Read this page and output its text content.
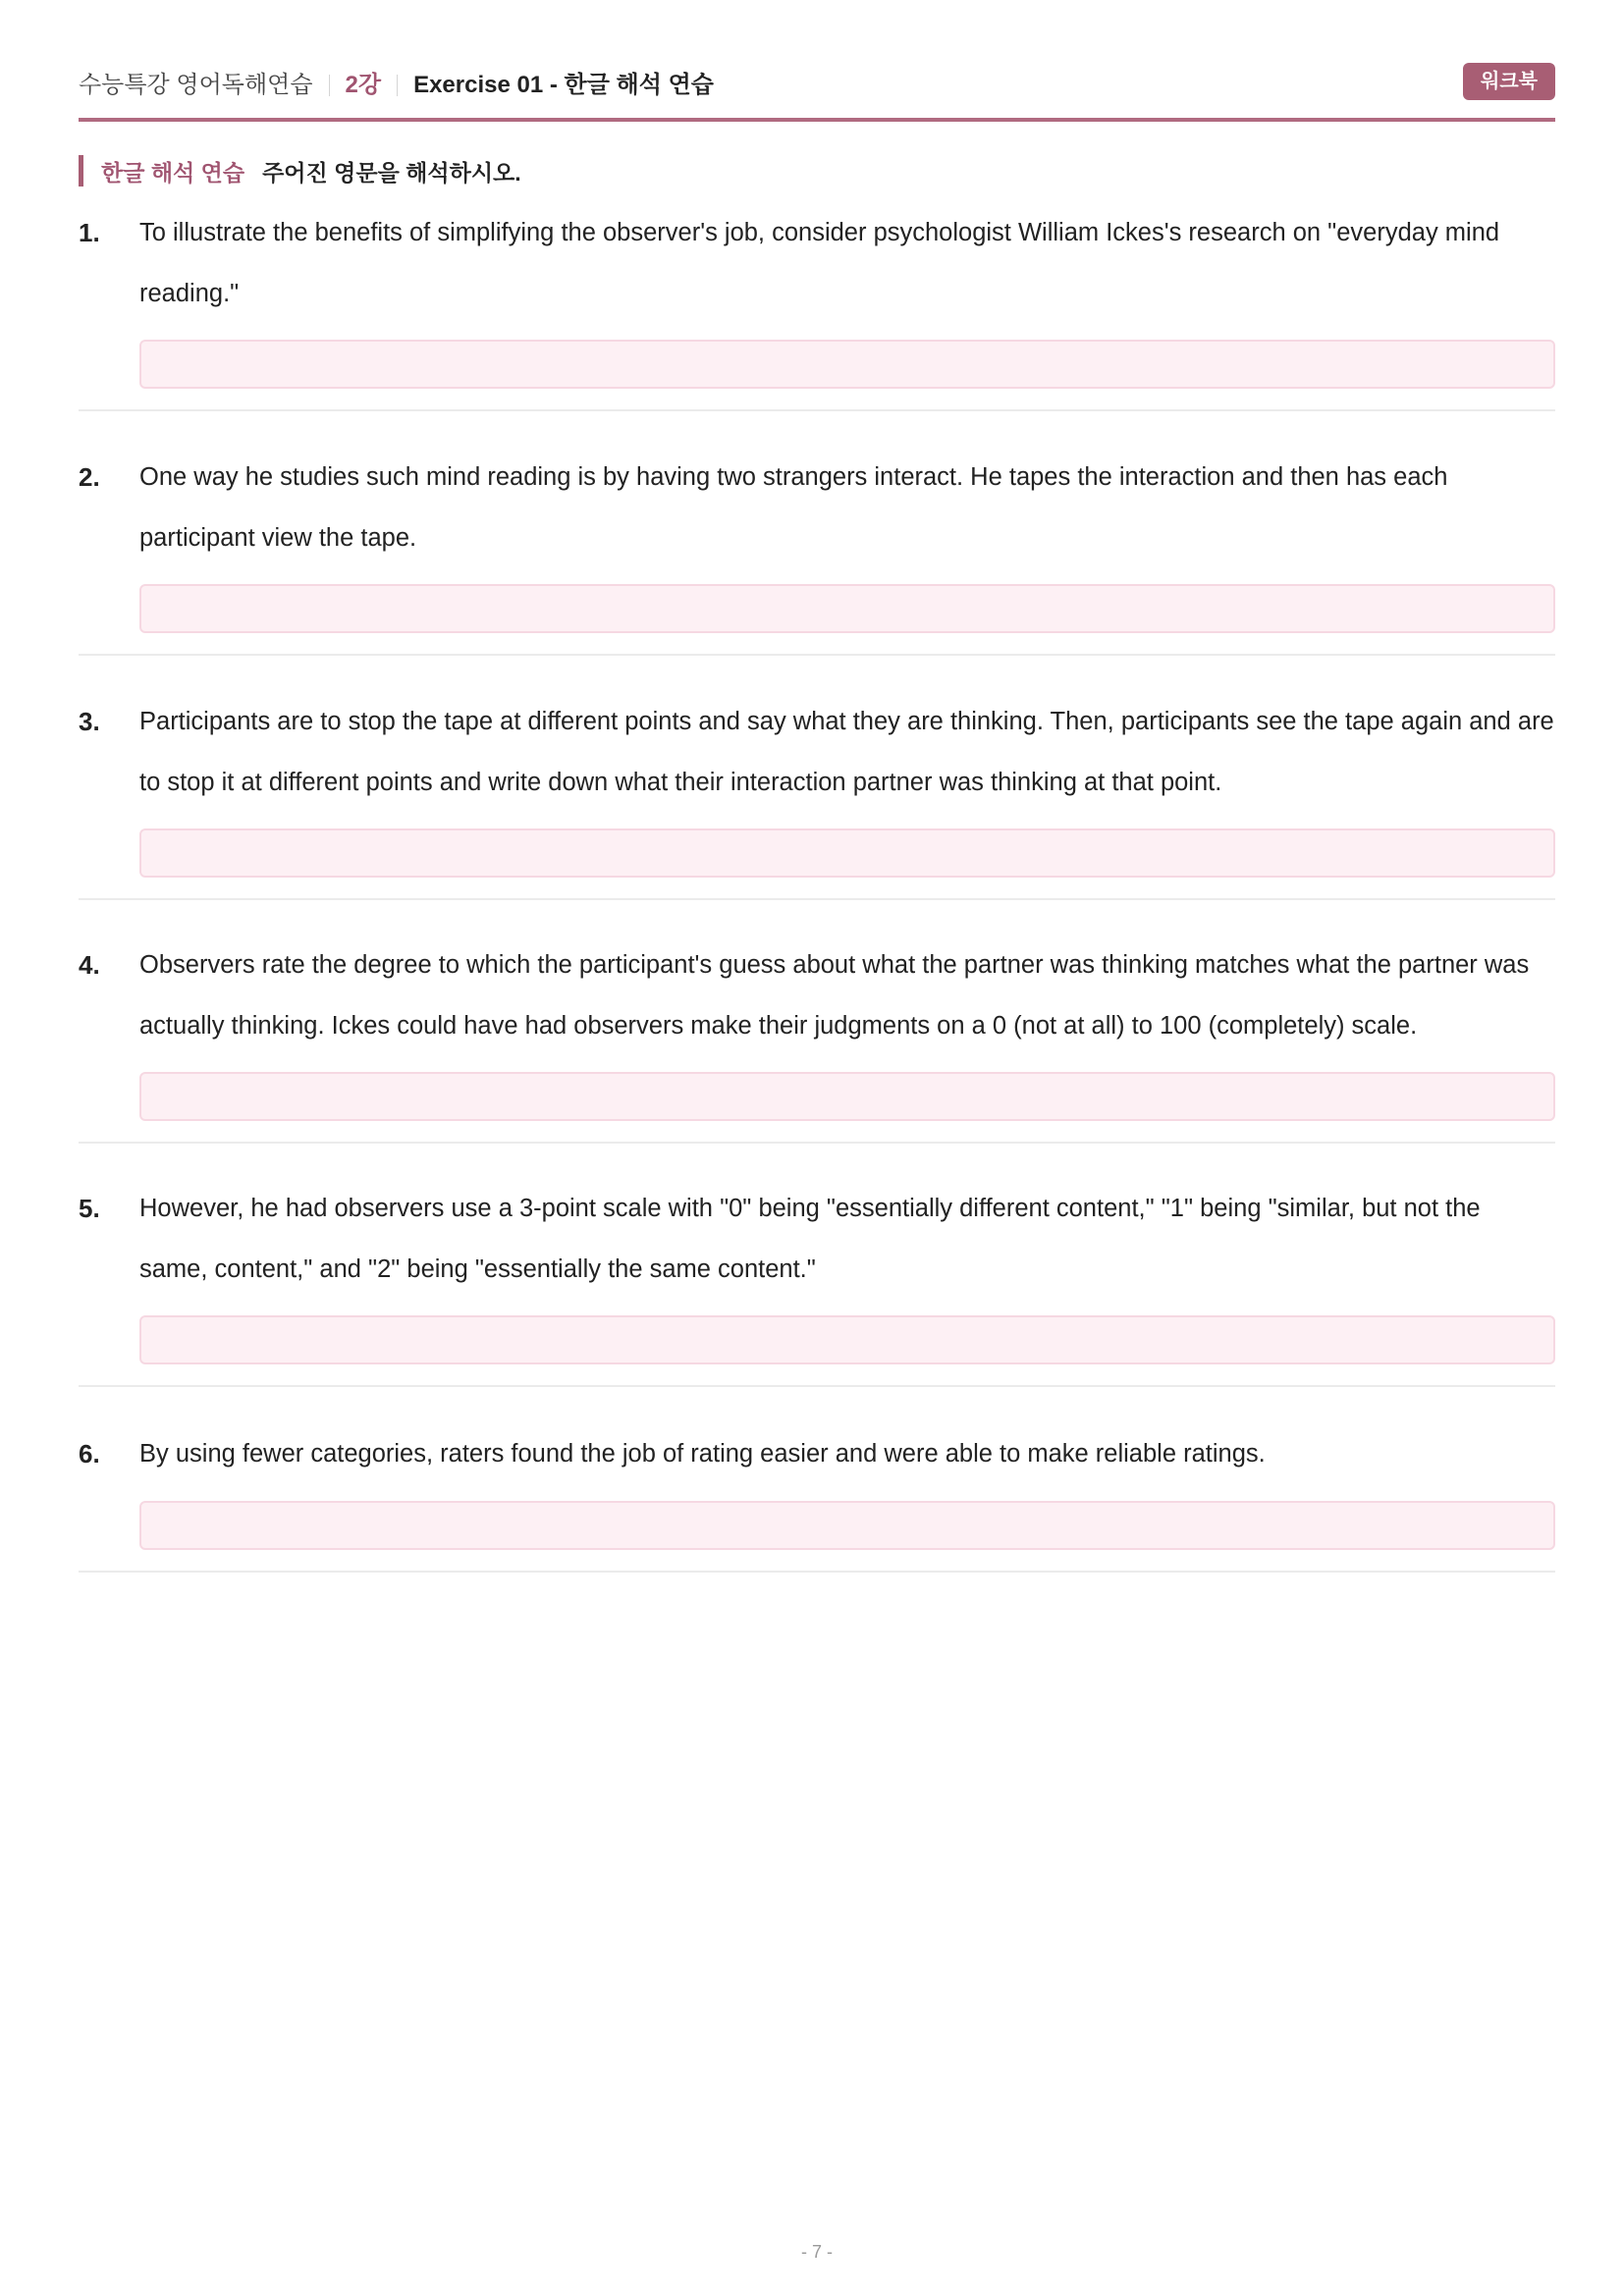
수능특강 영어독해연습 2강 Exercise 01 - 한글 해석 연습	워크북
한글 해석 연습 주어진 영문을 해석하시오.
1. To illustrate the benefits of simplifying the observer's job, consider psychologist William Ickes's research on "everyday mind reading."
2. One way he studies such mind reading is by having two strangers interact. He tapes the interaction and then has each participant view the tape.
3. Participants are to stop the tape at different points and say what they are thinking. Then, participants see the tape again and are to stop it at different points and write down what their interaction partner was thinking at that point.
4. Observers rate the degree to which the participant's guess about what the partner was thinking matches what the partner was actually thinking. Ickes could have had observers make their judgments on a 0 (not at all) to 100 (completely) scale.
5. However, he had observers use a 3-point scale with "0" being "essentially different content," "1" being "similar, but not the same, content," and "2" being "essentially the same content."
6. By using fewer categories, raters found the job of rating easier and were able to make reliable ratings.
- 7 -
